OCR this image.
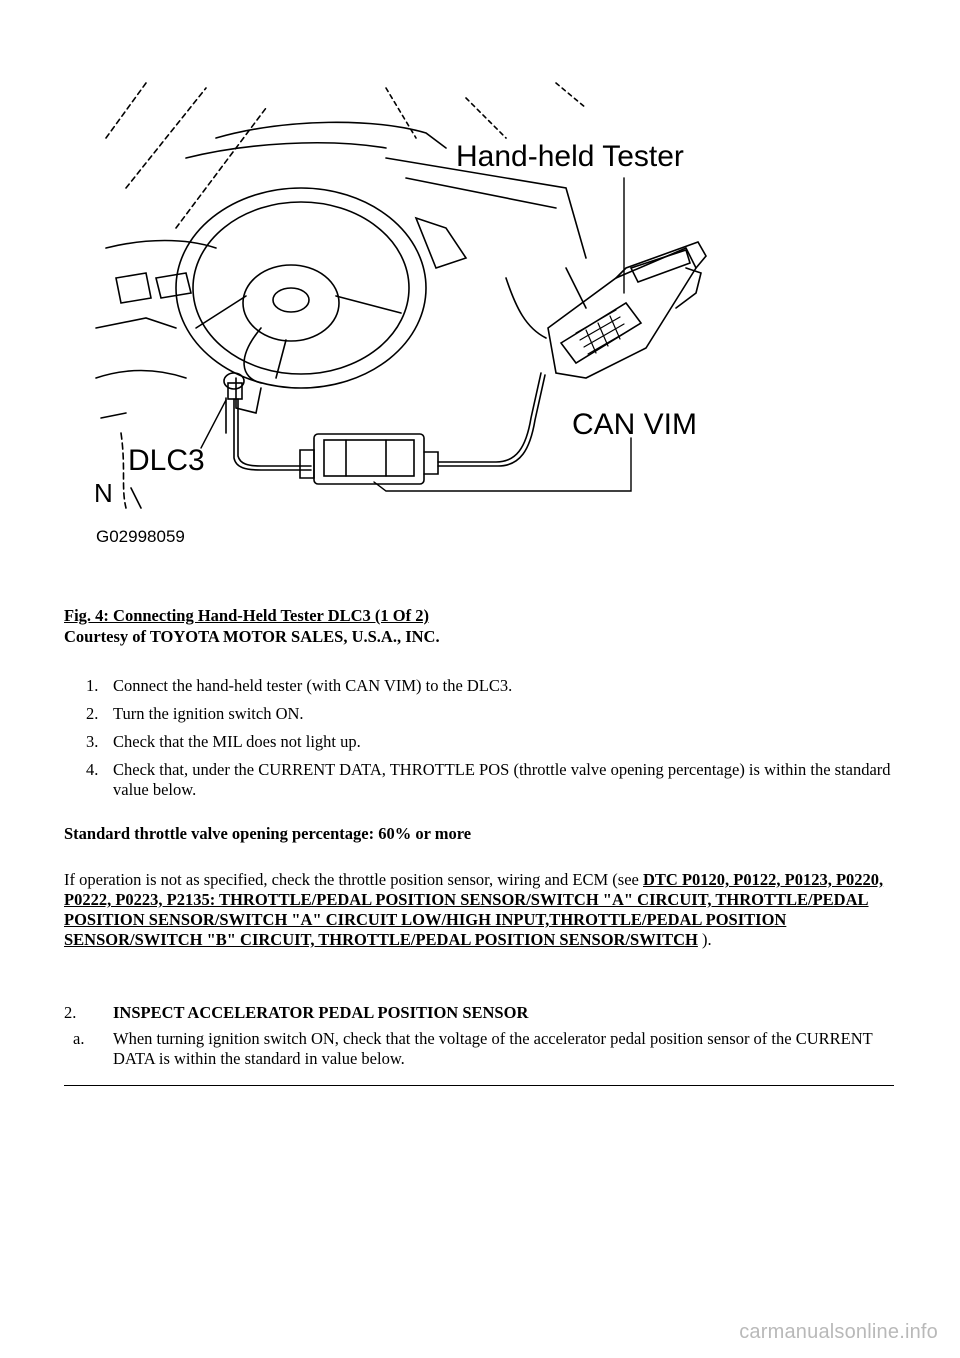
Hand-held Tester
CAN VIM
DLC3
N
G02998059
Fig. 4: Connecting Hand-Held Tester DLC3 (1 Of 2)
Courtesy of TOYOTA MOTOR SALES, U.S.A., INC.
1. Connect the hand-held tester (with CAN VIM) to the DLC3.
2. Turn the ignition switch ON.
3. Check that the MIL does not light up.
4. Check that, under the CURRENT DATA, THROTTLE POS (throttle valve opening percentage) is within the standard value below.
Standard throttle valve opening percentage: 60% or more
If operation is not as specified, check the throttle position sensor, wiring and ECM (see DTC P0120, P0122, P0123, P0220, P0222, P0223, P2135: THROTTLE/PEDAL POSITION SENSOR/SWITCH "A" CIRCUIT, THROTTLE/PEDAL POSITION SENSOR/SWITCH "A" CIRCUIT LOW/HIGH INPUT,THROTTLE/PEDAL POSITION SENSOR/SWITCH "B" CIRCUIT, THROTTLE/PEDAL POSITION SENSOR/SWITCH ).
2. INSPECT ACCELERATOR PEDAL POSITION SENSOR
a. When turning ignition switch ON, check that the voltage of the accelerator pedal position sensor of the CURRENT DATA is within the standard in value below.
carmanualsonline.info
